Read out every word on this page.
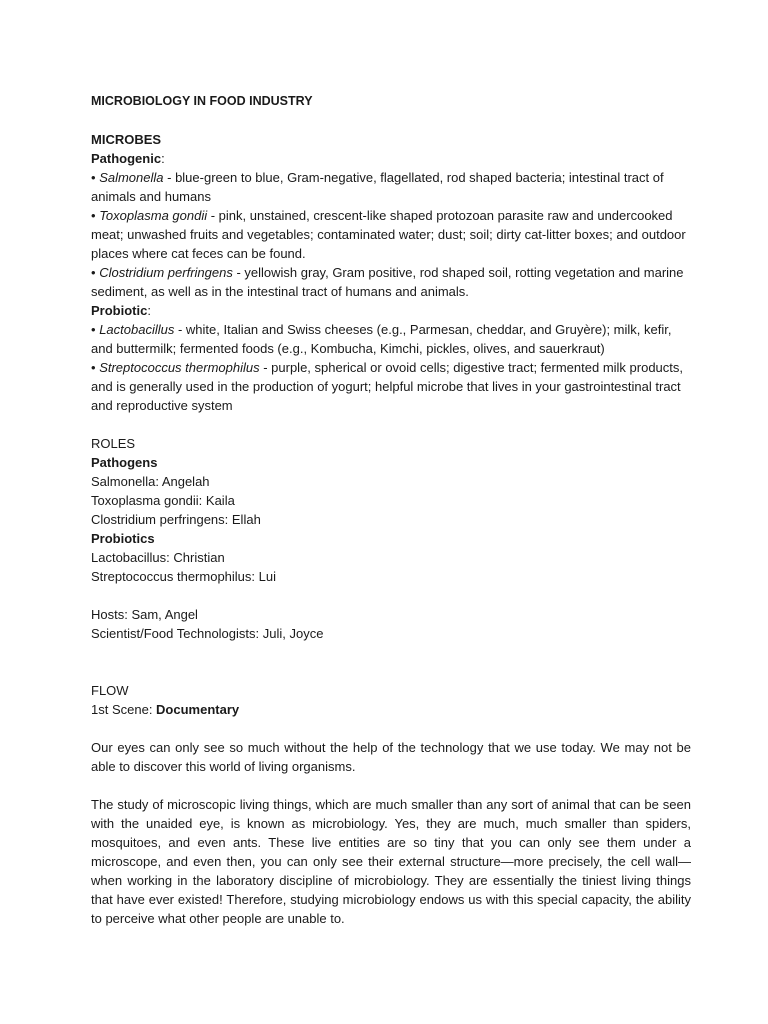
MICROBIOLOGY IN FOOD INDUSTRY

MICROBES

Pathogenic:

• Salmonella - blue-green to blue, Gram-negative, flagellated, rod shaped bacteria; intestinal tract of animals and humans

• Toxoplasma gondii - pink, unstained, crescent-like shaped protozoan parasite raw and undercooked meat; unwashed fruits and vegetables; contaminated water; dust; soil; dirty cat-litter boxes; and outdoor places where cat feces can be found.

• Clostridium perfringens - yellowish gray, Gram positive, rod shaped soil, rotting vegetation and marine sediment, as well as in the intestinal tract of humans and animals.

Probiotic:

• Lactobacillus - white, Italian and Swiss cheeses (e.g., Parmesan, cheddar, and Gruyère); milk, kefir, and buttermilk; fermented foods (e.g., Kombucha, Kimchi, pickles, olives, and sauerkraut)

• Streptococcus thermophilus - purple, spherical or ovoid cells; digestive tract; fermented milk products, and is generally used in the production of yogurt; helpful microbe that lives in your gastrointestinal tract and reproductive system

ROLES

Pathogens

Salmonella: Angelah

Toxoplasma gondii: Kaila

Clostridium perfringens: Ellah

Probiotics

Lactobacillus: Christian

Streptococcus thermophilus: Lui

Hosts: Sam, Angel

Scientist/Food Technologists: Juli, Joyce

FLOW

1st Scene: Documentary

Our eyes can only see so much without the help of the technology that we use today. We may not be able to discover this world of living organisms.

The study of microscopic living things, which are much smaller than any sort of animal that can be seen with the unaided eye, is known as microbiology. Yes, they are much, much smaller than spiders, mosquitoes, and even ants. These live entities are so tiny that you can only see them under a microscope, and even then, you can only see their external structure—more precisely, the cell wall—when working in the laboratory discipline of microbiology. They are essentially the tiniest living things that have ever existed! Therefore, studying microbiology endows us with this special capacity, the ability to perceive what other people are unable to.
